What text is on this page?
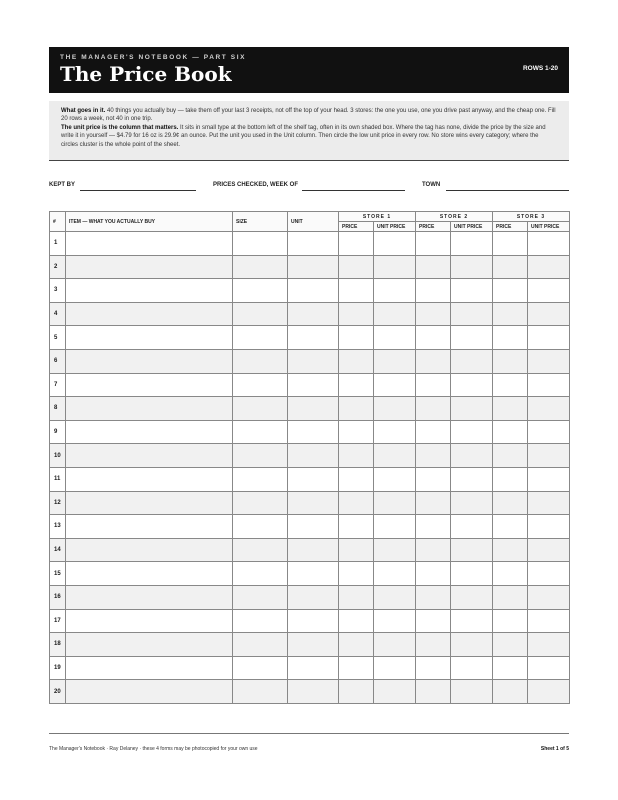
THE MANAGER'S NOTEBOOK — PART SIX
The Price Book	ROWS 1-20

What goes in it. 40 things you actually buy — take them off your last 3 receipts, not off the top of your head. 3 stores: the one you use, one you drive past anyway, and the cheap one. Fill 20 rows a week, not 40 in one trip.

The unit price is the column that matters. It sits in small type at the bottom left of the shelf tag, often in its own shaded box. Where the tag has none, divide the price by the size and write it in yourself — $4.79 for 16 oz is 29.9¢ an ounce. Put the unit you used in the Unit column. Then circle the low unit price in every row. No store wins every category; where the circles cluster is the whole point of the sheet.

KEPT BY	PRICES CHECKED, WEEK OF	TOWN
#	ITEM — WHAT YOU ACTUALLY BUY	SIZE	UNIT	STORE 1		STORE 2		STORE 3	
				PRICE	UNIT PRICE	PRICE	UNIT PRICE	PRICE	UNIT PRICE
1									
2									
3									
4									
5									
6									
7									
8									
9									
10									
11									
12									
13									
14									
15									
16									
17									
18									
19									
20									
The Manager's Notebook · Ray Delaney · these 4 forms may be photocopied for your own use	Sheet 1 of 5
